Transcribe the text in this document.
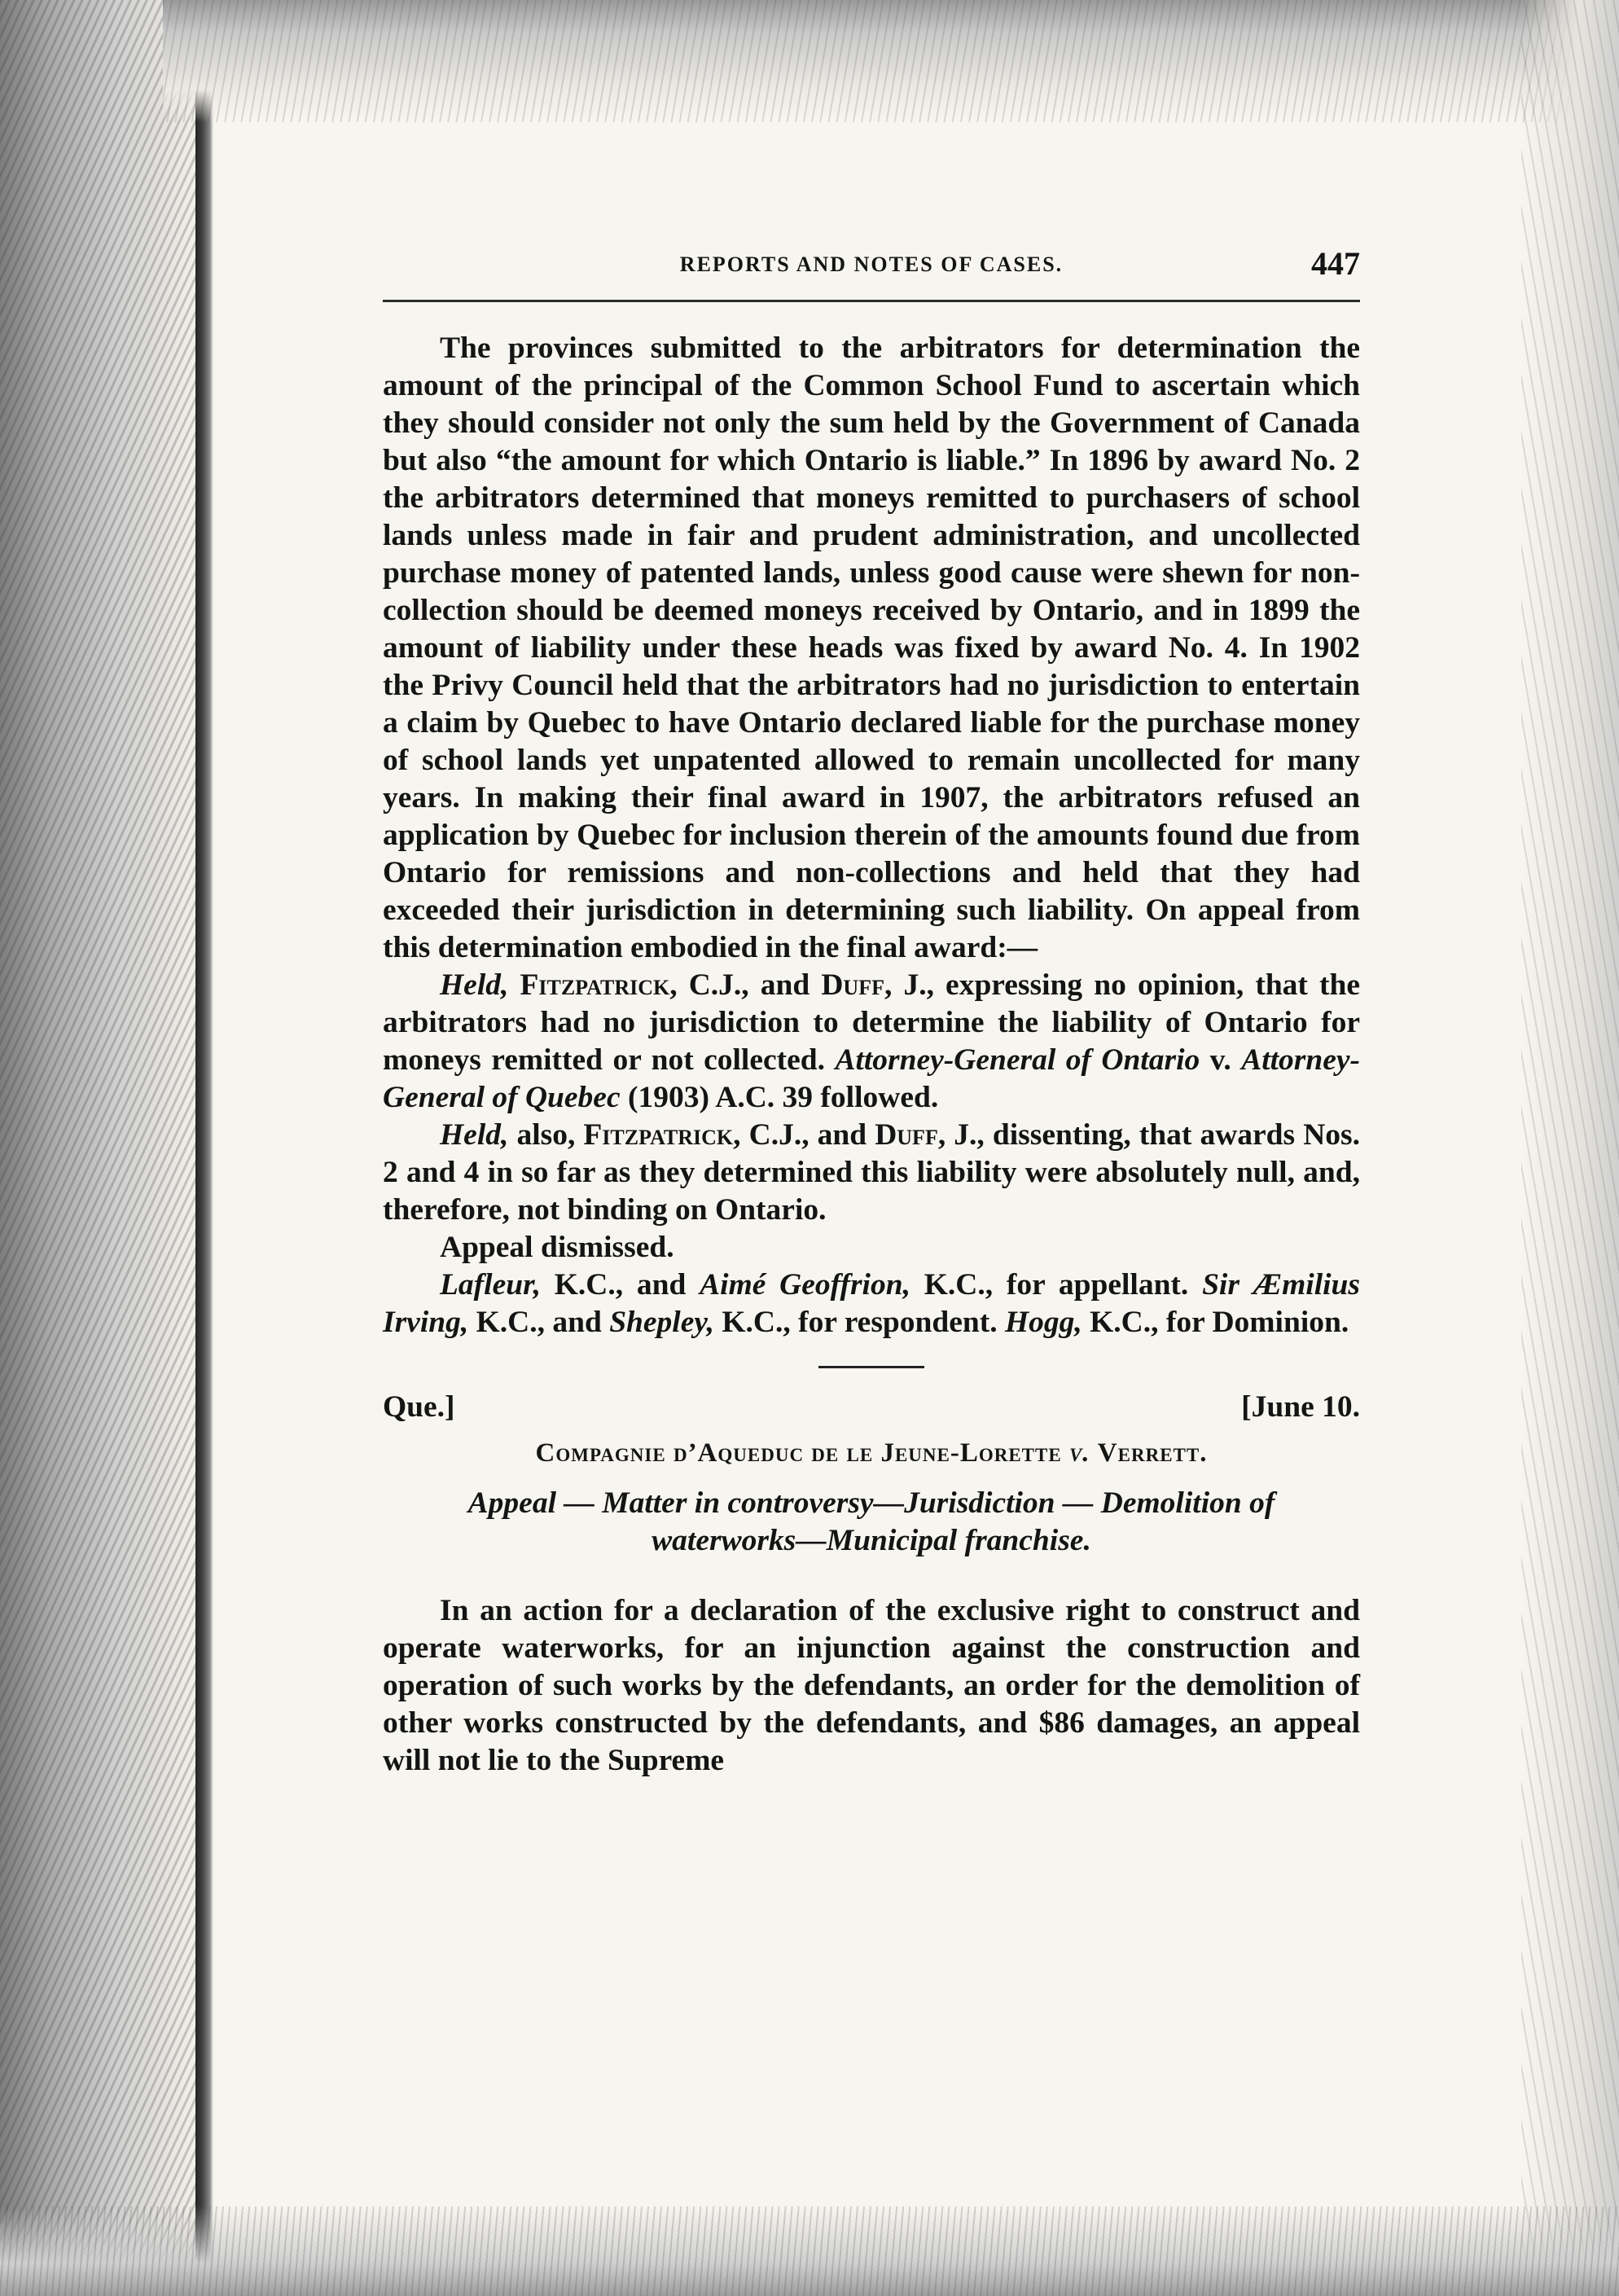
REPORTS AND NOTES OF CASES.	447

The provinces submitted to the arbitrators for determination the amount of the principal of the Common School Fund to ascertain which they should consider not only the sum held by the Government of Canada but also “the amount for which Ontario is liable.” In 1896 by award No. 2 the arbitrators determined that moneys remitted to purchasers of school lands unless made in fair and prudent administration, and uncollected purchase money of patented lands, unless good cause were shewn for non-collection should be deemed moneys received by Ontario, and in 1899 the amount of liability under these heads was fixed by award No. 4. In 1902 the Privy Council held that the arbitrators had no jurisdiction to entertain a claim by Quebec to have Ontario declared liable for the purchase money of school lands yet unpatented allowed to remain uncollected for many years. In making their final award in 1907, the arbitrators refused an application by Quebec for inclusion therein of the amounts found due from Ontario for remissions and non-collections and held that they had exceeded their jurisdiction in determining such liability. On appeal from this determination embodied in the final award:—

Held, Fitzpatrick, C.J., and Duff, J., expressing no opinion, that the arbitrators had no jurisdiction to determine the liability of Ontario for moneys remitted or not collected. Attorney-General of Ontario v. Attorney-General of Quebec (1903) A.C. 39 followed.

Held, also, Fitzpatrick, C.J., and Duff, J., dissenting, that awards Nos. 2 and 4 in so far as they determined this liability were absolutely null, and, therefore, not binding on Ontario.

Appeal dismissed.

Lafleur, K.C., and Aimé Geoffrion, K.C., for appellant. Sir Æmilius Irving, K.C., and Shepley, K.C., for respondent. Hogg, K.C., for Dominion.

Que.]	[June 10.
Compagnie d’Aqueduc de le Jeune-Lorette v. Verrett.
Appeal — Matter in controversy—Jurisdiction — Demolition of
waterworks—Municipal franchise.

In an action for a declaration of the exclusive right to construct and operate waterworks, for an injunction against the construction and operation of such works by the defendants, an order for the demolition of other works constructed by the defendants, and $86 damages, an appeal will not lie to the Supreme
